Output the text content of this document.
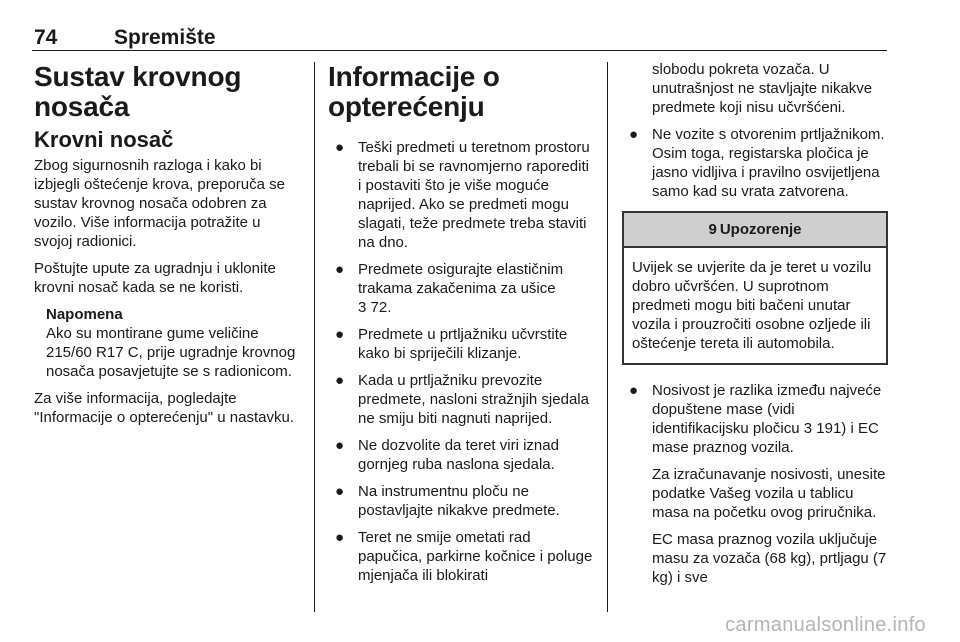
74	Spremište
Sustav krovnog nosača
Krovni nosač

Zbog sigurnosnih razloga i kako bi izbjegli oštećenje krova, preporuča se sustav krovnog nosača odobren za vozilo. Više informacija potražite u svojoj radionici.

Poštujte upute za ugradnju i uklonite krovni nosač kada se ne koristi.

Napomena
Ako su montirane gume veličine 215/60 R17 C, prije ugradnje krovnog nosača posavjetujte se s radionicom.

Za više informacija, pogledajte "Informacije o opterećenju" u nastavku.

Informacije o opterećenju
● Teški predmeti u teretnom prostoru trebali bi se ravnomjerno raporediti i postaviti što je više moguće naprijed. Ako se predmeti mogu slagati, teže predmete treba staviti na dno.
● Predmete osigurajte elastičnim trakama zakačenima za ušice
3 72.
● Predmete u prtljažniku učvrstite kako bi spriječili klizanje.
● Kada u prtljažniku prevozite predmete, nasloni stražnjih sjedala ne smiju biti nagnuti naprijed.
● Ne dozvolite da teret viri iznad gornjeg ruba naslona sjedala.
● Na instrumentnu ploču ne postavljajte nikakve predmete.
● Teret ne smije ometati rad papučica, parkirne kočnice i poluge mjenjača ili blokirati
slobodu pokreta vozača. U unutrašnjost ne stavljajte nikakve predmete koji nisu učvršćeni.
● Ne vozite s otvorenim prtljažnikom. Osim toga, registarska pločica je jasno vidljiva i pravilno osvijetljena samo kad su vrata zatvorena.
9 Upozorenje
Uvijek se uvjerite da je teret u vozilu dobro učvršćen. U suprotnom predmeti mogu biti bačeni unutar vozila i prouzročiti osobne ozljede ili oštećenje tereta ili automobila.
● Nosivost je razlika između najveće dopuštene mase (vidi identifikacijsku pločicu 3 191) i EC mase praznog vozila.
Za izračunavanje nosivosti, unesite podatke Vašeg vozila u tablicu masa na početku ovog priručnika.
EC masa praznog vozila uključuje masu za vozača (68 kg), prtljagu (7 kg) i sve
carmanualsonline.info
